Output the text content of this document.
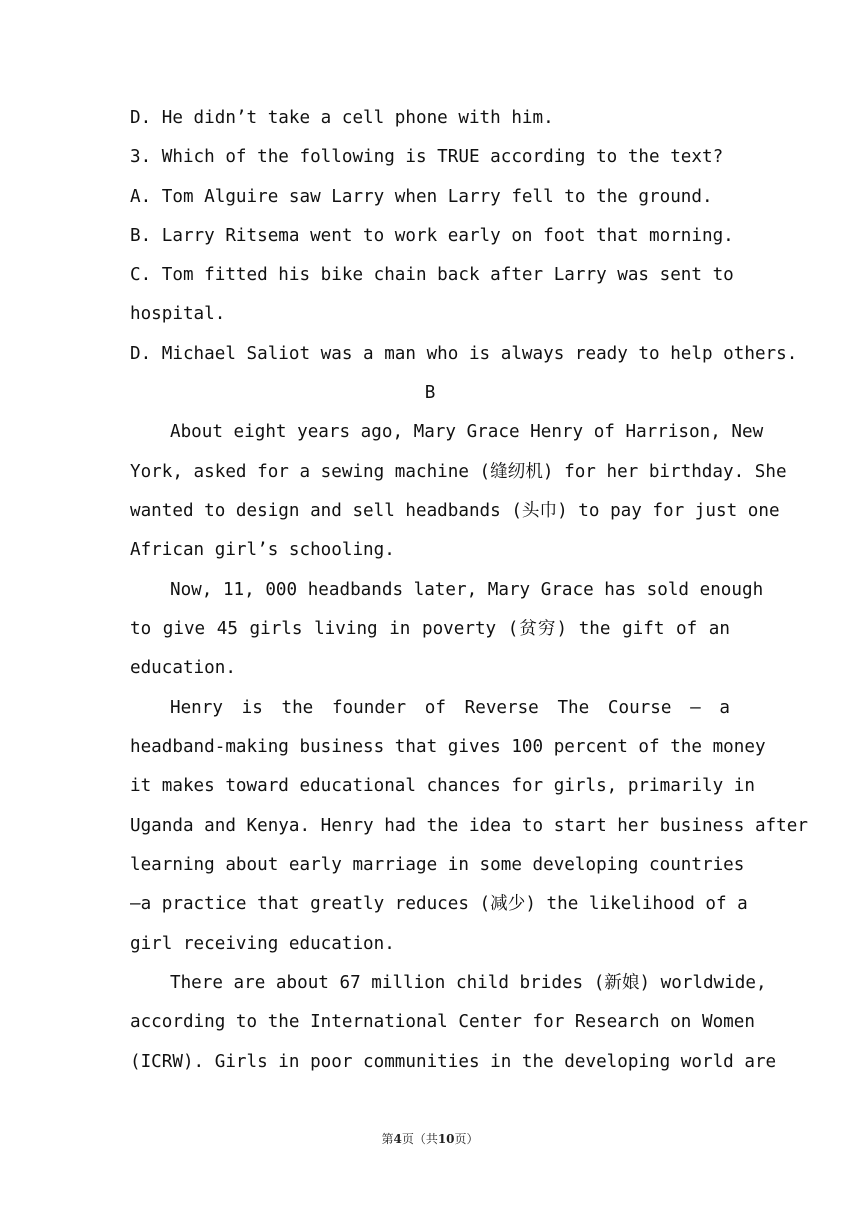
D. He didn’t take a cell phone with him.

3. Which of the following is TRUE according to the text?

A. Tom Alguire saw Larry when Larry fell to the ground.

B. Larry Ritsema went to work early on foot that morning.

C. Tom fitted his bike chain back after Larry was sent to

hospital.

D. Michael Saliot was a man who is always ready to help others.

B

About eight years ago, Mary Grace Henry of Harrison, New

York, asked for a sewing machine (缝纫机) for her birthday. She

wanted to design and sell headbands (头巾) to pay for just one

African girl’s schooling.

Now, 11, 000 headbands later, Mary Grace has sold enough

to give 45 girls living in poverty (贫穷) the gift of an

education.

Henry is the founder of Reverse The Course — a

headband-making business that gives 100 percent of the money

it makes toward educational chances for girls, primarily in

Uganda and Kenya. Henry had the idea to start her business after

learning about early marriage in some developing countries

—a practice that greatly reduces (减少) the likelihood of a

girl receiving education.

There are about 67 million child brides (新娘) worldwide,

according to the International Center for Research on Women

(ICRW). Girls in poor communities in the developing world are

第4页（共10页）
